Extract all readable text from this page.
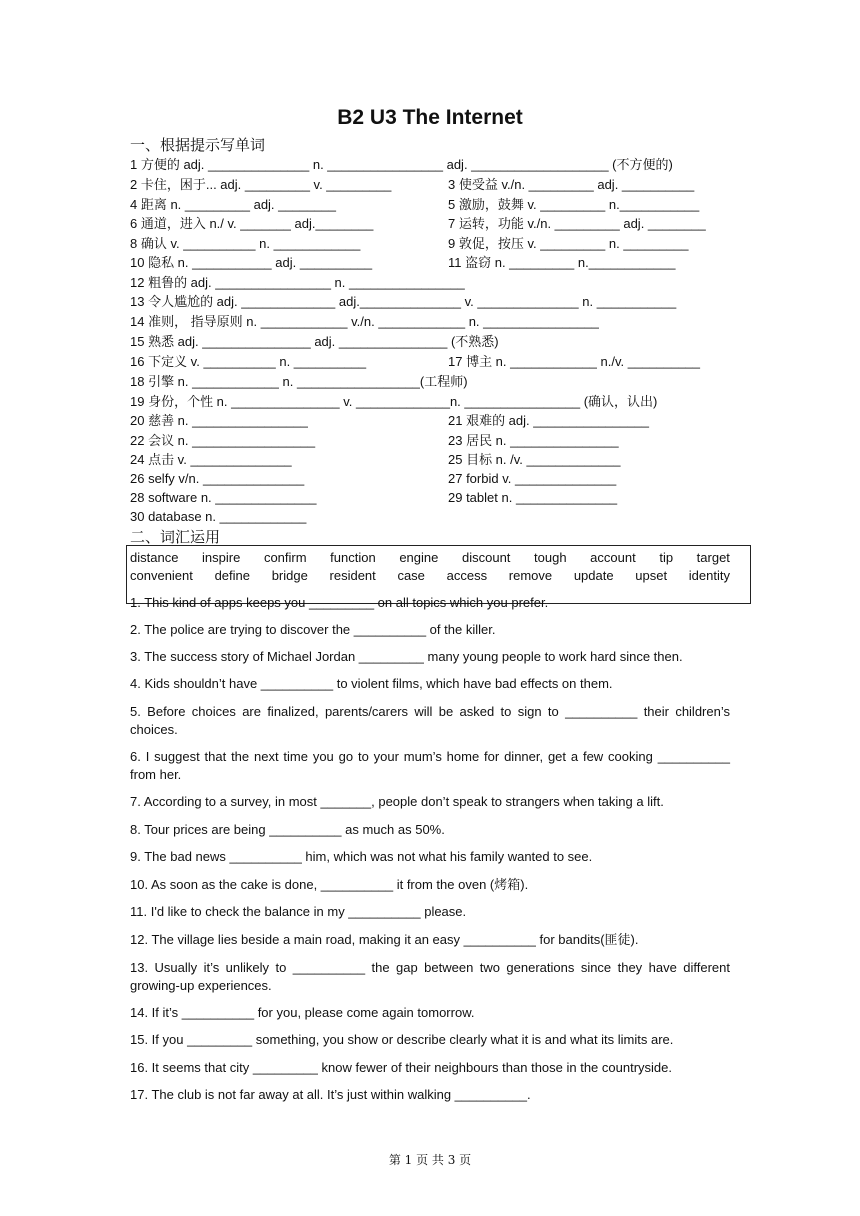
B2 U3 The Internet
一、根据提示写单词
1 方便的 adj. ______________ n. ________________ adj. ___________________ (不方便的)
2 卡住，困于... adj. _________ v. _________	3 使受益 v./n. _________ adj. __________
4 距离 n. _________ adj. ________	5 激励，鼓舞 v. _________ n.___________
6 通道，进入 n./ v. _______ adj.________	7 运转，功能 v./n. _________ adj. ________
8 确认 v. __________ n. ____________	9 敦促，按压 v. _________ n. _________
10 隐私 n. ___________ adj. __________	11 盗窃 n. _________ n.____________
12 粗鲁的 adj. ________________ n. ________________
13 令人尴尬的 adj. _____________ adj.______________ v. ______________ n. ___________
14 准则， 指导原则 n. ____________ v./n. ____________ n. ________________
15 熟悉 adj. _______________ adj. _______________ (不熟悉)
16 下定义 v. __________ n. __________	17 博主 n. ____________ n./v. __________
18 引擎 n. ____________ n. _________________(工程师)
19 身份，个性 n. _______________ v. _____________n. ________________ (确认，认出)
20 慈善 n. ________________	21 艰难的 adj. ________________
22 会议 n. _________________	23 居民 n. _______________
24 点击 v. ______________	25 目标 n. /v. _____________
26 selfy v/n. ______________	27 forbid v. ______________
28 software n. ______________	29 tablet n. ______________
30 database n. ____________
二、词汇运用
distance inspire confirm function engine discount tough account tip target
convenient define bridge resident case access remove update upset identity
1. This kind of apps keeps you _________ on all topics which you prefer.
2. The police are trying to discover the __________ of the killer.
3. The success story of Michael Jordan _________ many young people to work hard since then.
4. Kids shouldn’t have __________ to violent films, which have bad effects on them.
5. Before choices are finalized, parents/carers will be asked to sign to __________ their children’s choices.
6. I suggest that the next time you go to your mum’s home for dinner, get a few cooking __________ from her.
7. According to a survey, in most _______, people don’t speak to strangers when taking a lift.
8. Tour prices are being __________ as much as 50%.
9. The bad news __________ him, which was not what his family wanted to see.
10. As soon as the cake is done, __________ it from the oven (烤箱).
11. I'd like to check the balance in my __________ please.
12. The village lies beside a main road, making it an easy __________ for bandits(匪徒).
13. Usually it’s unlikely to __________ the gap between two generations since they have different growing-up experiences.
14. If it’s __________ for you, please come again tomorrow.
15. If you _________ something, you show or describe clearly what it is and what its limits are.
16. It seems that city _________ know fewer of their neighbours than those in the countryside.
17. The club is not far away at all. It’s just within walking __________.
第 1 页 共 3 页
